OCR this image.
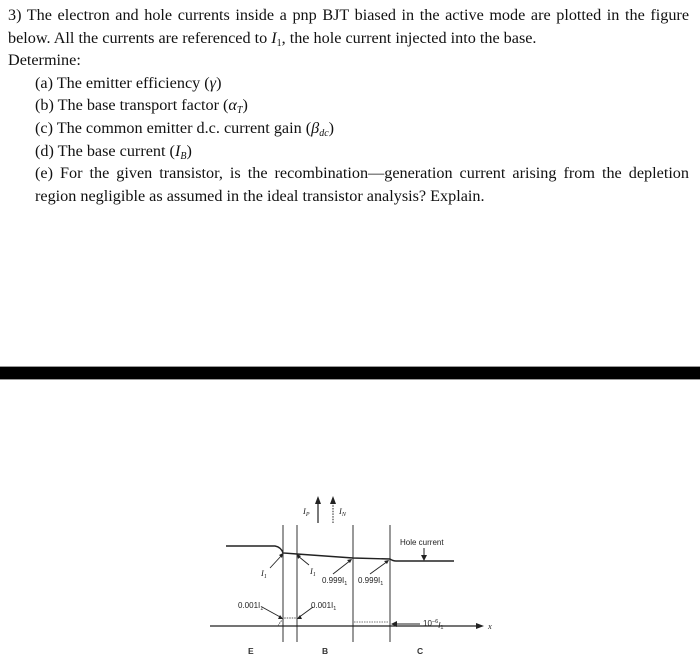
3) The electron and hole currents inside a pnp BJT biased in the active mode are plotted in the figure below. All the currents are referenced to $I_1$, the hole current injected into the base.

Determine:

(a) The emitter efficiency (γ)
(b) The base transport factor $(\alpha_T)$
(c) The common emitter d.c. current gain $(\beta_{dc})$
(d) The base current $(I_B)$
(e) For the given transistor, is the recombination—generation current arising from the depletion region negligible as assumed in the ideal transistor analysis? Explain.
$I_P$	$I_N$
Hole current
x
$I_1$
$I_1$
$0.999I_1$ $0.999I_1$
$0.001I_1$	$0.001I_1$
$10^{-6}I1$
E	B	C
